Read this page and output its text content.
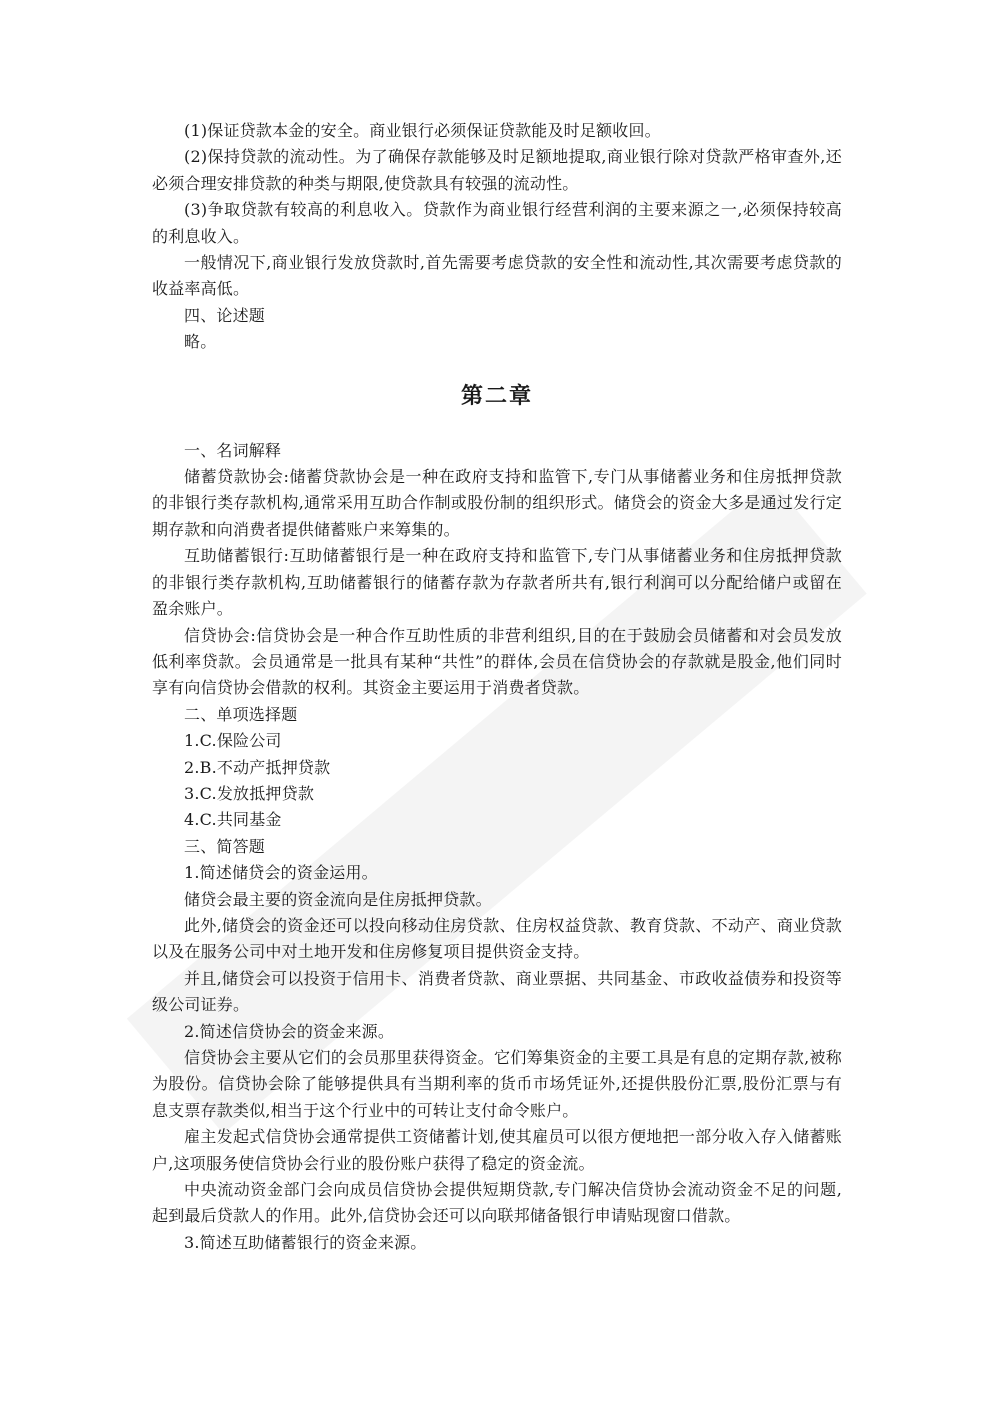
(1)保证贷款本金的安全。商业银行必须保证贷款能及时足额收回。

(2)保持贷款的流动性。为了确保存款能够及时足额地提取,商业银行除对贷款严格审查外,还必须合理安排贷款的种类与期限,使贷款具有较强的流动性。

(3)争取贷款有较高的利息收入。贷款作为商业银行经营利润的主要来源之一,必须保持较高的利息收入。

一般情况下,商业银行发放贷款时,首先需要考虑贷款的安全性和流动性,其次需要考虑贷款的收益率高低。

四、论述题

略。

第二章

一、名词解释

储蓄贷款协会:储蓄贷款协会是一种在政府支持和监管下,专门从事储蓄业务和住房抵押贷款的非银行类存款机构,通常采用互助合作制或股份制的组织形式。储贷会的资金大多是通过发行定期存款和向消费者提供储蓄账户来筹集的。

互助储蓄银行:互助储蓄银行是一种在政府支持和监管下,专门从事储蓄业务和住房抵押贷款的非银行类存款机构,互助储蓄银行的储蓄存款为存款者所共有,银行利润可以分配给储户或留在盈余账户。

信贷协会:信贷协会是一种合作互助性质的非营利组织,目的在于鼓励会员储蓄和对会员发放低利率贷款。会员通常是一批具有某种“共性”的群体,会员在信贷协会的存款就是股金,他们同时享有向信贷协会借款的权利。其资金主要运用于消费者贷款。

二、单项选择题

1.C.保险公司

2.B.不动产抵押贷款

3.C.发放抵押贷款

4.C.共同基金

三、简答题

1.简述储贷会的资金运用。

储贷会最主要的资金流向是住房抵押贷款。

此外,储贷会的资金还可以投向移动住房贷款、住房权益贷款、教育贷款、不动产、商业贷款以及在服务公司中对土地开发和住房修复项目提供资金支持。

并且,储贷会可以投资于信用卡、消费者贷款、商业票据、共同基金、市政收益债券和投资等级公司证券。

2.简述信贷协会的资金来源。

信贷协会主要从它们的会员那里获得资金。它们筹集资金的主要工具是有息的定期存款,被称为股份。信贷协会除了能够提供具有当期利率的货币市场凭证外,还提供股份汇票,股份汇票与有息支票存款类似,相当于这个行业中的可转让支付命令账户。

雇主发起式信贷协会通常提供工资储蓄计划,使其雇员可以很方便地把一部分收入存入储蓄账户,这项服务使信贷协会行业的股份账户获得了稳定的资金流。

中央流动资金部门会向成员信贷协会提供短期贷款,专门解决信贷协会流动资金不足的问题,起到最后贷款人的作用。此外,信贷协会还可以向联邦储备银行申请贴现窗口借款。

3.简述互助储蓄银行的资金来源。
